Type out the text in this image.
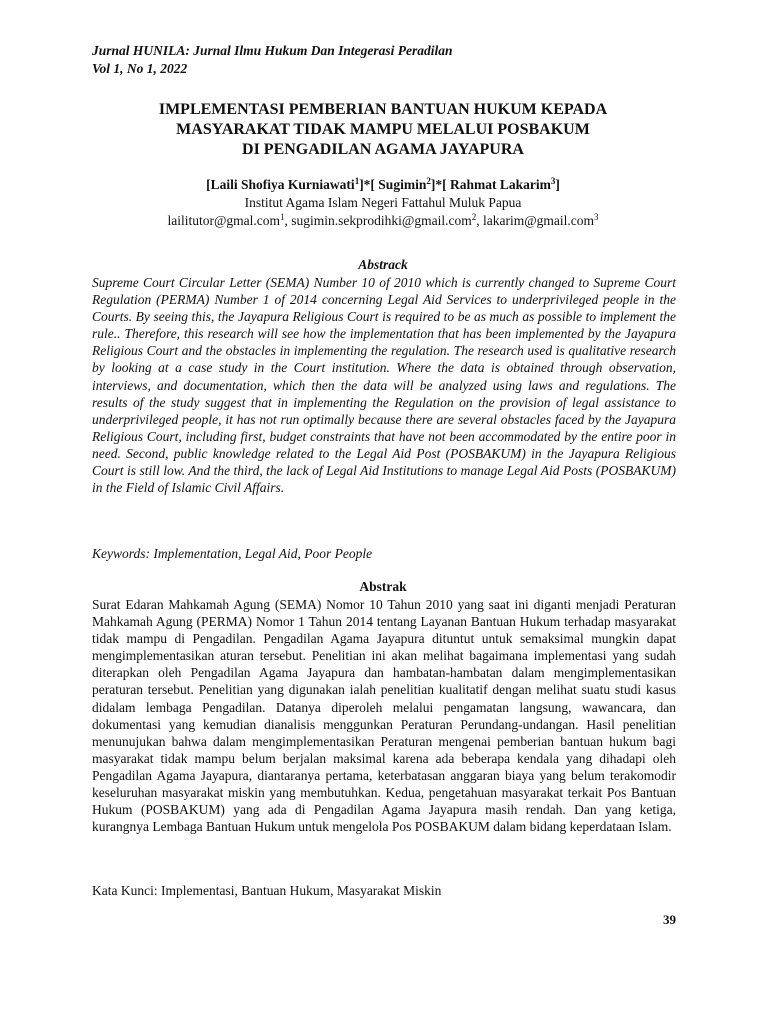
Jurnal HUNILA: Jurnal Ilmu Hukum Dan Integerasi Peradilan
Vol 1, No 1, 2022
IMPLEMENTASI PEMBERIAN BANTUAN HUKUM KEPADA
MASYARAKAT TIDAK MAMPU MELALUI POSBAKUM
DI PENGADILAN AGAMA JAYAPURA
[Laili Shofiya Kurniawati$^1$]*[ Sugimin$^2$]*[ Rahmat Lakarim$^3$]
Institut Agama Islam Negeri Fattahul Muluk Papua
lailitutor@gmal.com$^1$, sugimin.sekprodihki@gmail.com$^2$, lakarim@gmail.com$^3$
Abstrack
Supreme Court Circular Letter (SEMA) Number 10 of 2010 which is currently changed to Supreme Court Regulation (PERMA) Number 1 of 2014 concerning Legal Aid Services to underprivileged people in the Courts. By seeing this, the Jayapura Religious Court is required to be as much as possible to implement the rule.. Therefore, this research will see how the implementation that has been implemented by the Jayapura Religious Court and the obstacles in implementing the regulation. The research used is qualitative research by looking at a case study in the Court institution. Where the data is obtained through observation, interviews, and documentation, which then the data will be analyzed using laws and regulations. The results of the study suggest that in implementing the Regulation on the provision of legal assistance to underprivileged people, it has not run optimally because there are several obstacles faced by the Jayapura Religious Court, including first, budget constraints that have not been accommodated by the entire poor in need. Second, public knowledge related to the Legal Aid Post (POSBAKUM) in the Jayapura Religious Court is still low. And the third, the lack of Legal Aid Institutions to manage Legal Aid Posts (POSBAKUM) in the Field of Islamic Civil Affairs.
Keywords: Implementation, Legal Aid, Poor People
Abstrak
Surat Edaran Mahkamah Agung (SEMA) Nomor 10 Tahun 2010 yang saat ini diganti menjadi Peraturan Mahkamah Agung (PERMA) Nomor 1 Tahun 2014 tentang Layanan Bantuan Hukum terhadap masyarakat tidak mampu di Pengadilan. Pengadilan Agama Jayapura dituntut untuk semaksimal mungkin dapat mengimplementasikan aturan tersebut. Penelitian ini akan melihat bagaimana implementasi yang sudah diterapkan oleh Pengadilan Agama Jayapura dan hambatan-hambatan dalam mengimplementasikan peraturan tersebut. Penelitian yang digunakan ialah penelitian kualitatif dengan melihat suatu studi kasus didalam lembaga Pengadilan. Datanya diperoleh melalui pengamatan langsung, wawancara, dan dokumentasi yang kemudian dianalisis menggunkan Peraturan Perundang-undangan. Hasil penelitian menunujukan bahwa dalam mengimplementasikan Peraturan mengenai pemberian bantuan hukum bagi masyarakat tidak mampu belum berjalan maksimal karena ada beberapa kendala yang dihadapi oleh Pengadilan Agama Jayapura, diantaranya pertama, keterbatasan anggaran biaya yang belum terakomodir keseluruhan masyarakat miskin yang membutuhkan. Kedua, pengetahuan masyarakat terkait Pos Bantuan Hukum (POSBAKUM) yang ada di Pengadilan Agama Jayapura masih rendah. Dan yang ketiga, kurangnya Lembaga Bantuan Hukum untuk mengelola Pos POSBAKUM dalam bidang keperdataan Islam.
Kata Kunci: Implementasi, Bantuan Hukum, Masyarakat Miskin
39
